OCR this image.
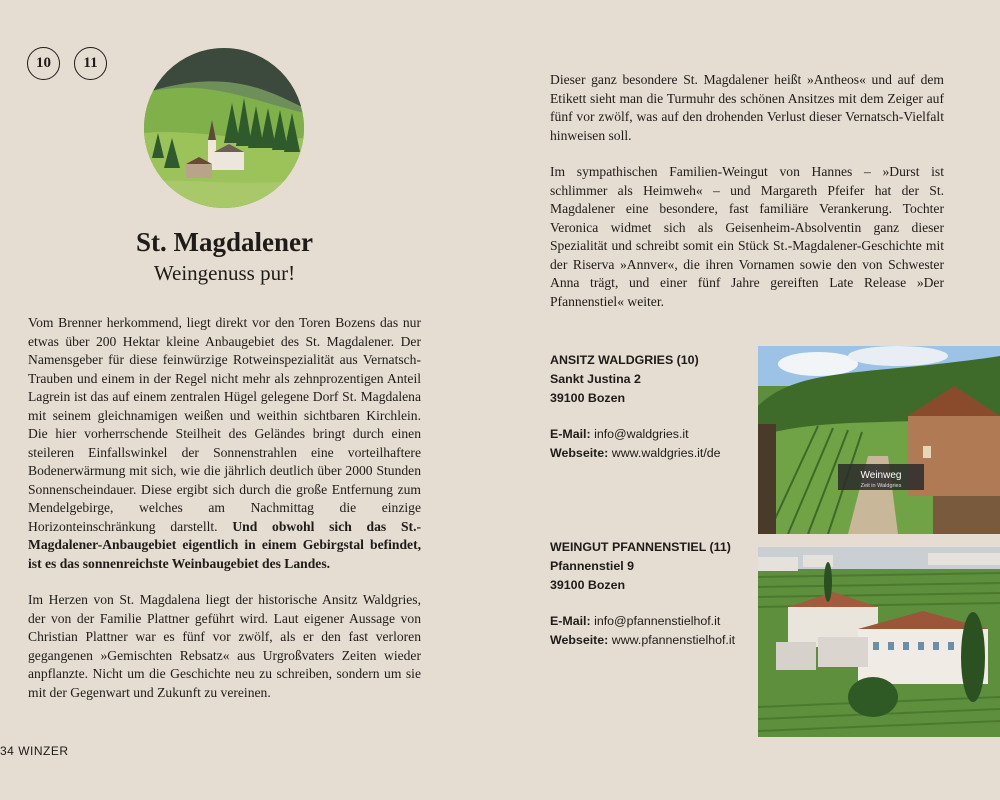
10	11
St. Magdalener
Weingenuss pur!

Vom Brenner herkommend, liegt direkt vor den Toren Bozens das nur etwas über 200 Hektar kleine Anbaugebiet des St. Magdalener. Der Namensgeber für diese feinwürzige Rotweinspezialität aus Vernatsch-Trauben und einem in der Regel nicht mehr als zehnprozentigen Anteil Lagrein ist das auf einem zentralen Hügel gelegene Dorf St. Magdalena mit seinem gleichnamigen weißen und weithin sichtbaren Kirchlein. Die hier vorherrschende Steilheit des Geländes bringt durch einen steileren Einfallswinkel der Sonnenstrahlen eine vorteilhaftere Bodenerwärmung mit sich, wie die jährlich deutlich über 2000 Stunden Sonnenscheindauer. Diese ergibt sich durch die große Entfernung zum Mendelgebirge, welches am Nachmittag die einzige Horizonteinschränkung darstellt. Und obwohl sich das St.-Magdalener-Anbaugebiet eigentlich in einem Gebirgstal befindet, ist es das sonnenreichste Weinbaugebiet des Landes.

Im Herzen von St. Magdalena liegt der historische Ansitz Waldgries, der von der Familie Plattner geführt wird. Laut eigener Aussage von Christian Plattner war es fünf vor zwölf, als er den fast verloren gegangenen »Gemischten Rebsatz« aus Urgroßvaters Zeiten wieder anpflanzte. Nicht um die Geschichte neu zu schreiben, sondern um sie mit der Gegenwart und Zukunft zu vereinen.

Dieser ganz besondere St. Magdalener heißt »Antheos« und auf dem Etikett sieht man die Turmuhr des schönen Ansitzes mit dem Zeiger auf fünf vor zwölf, was auf den drohenden Verlust dieser Vernatsch-Vielfalt hinweisen soll.

Im sympathischen Familien-Weingut von Hannes – »Durst ist schlimmer als Heimweh« – und Margareth Pfeifer hat der St. Magdalener eine besondere, fast familiäre Verankerung. Tochter Veronica widmet sich als Geisenheim-Absolventin ganz dieser Spezialität und schreibt somit ein Stück St.-Magdalener-Geschichte mit der Riserva »Annver«, die ihren Vornamen sowie den von Schwester Anna trägt, und einer fünf Jahre gereiften Late Release »Der Pfannenstiel« weiter.

ANSITZ WALDGRIES (10)
Sankt Justina 2
39100 Bozen
E-Mail: info@waldgries.it
Webseite: www.waldgries.it/de
WEINGUT PFANNENSTIEL (11)
Pfannenstiel 9
39100 Bozen
E-Mail: info@pfannenstielhof.it
Webseite: www.pfannenstielhof.it
Weinweg
Zeit in Waldgries
34 WINZER
